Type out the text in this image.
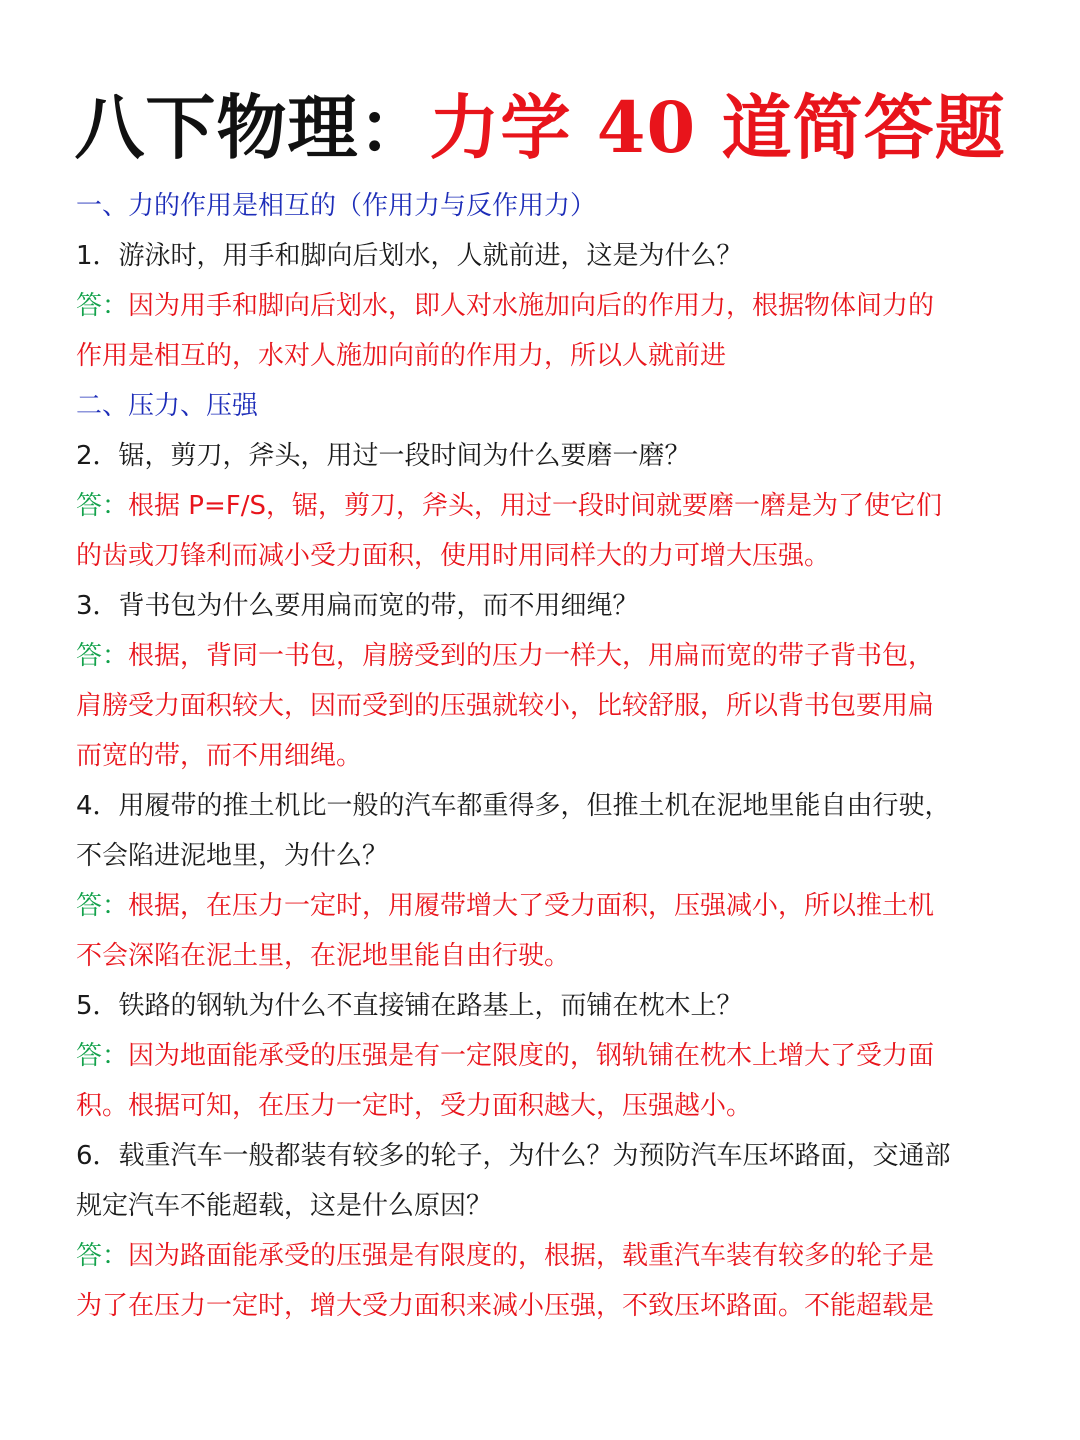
八下物理：力学 40 道简答题
一、力的作用是相互的（作用力与反作用力）
1．游泳时，用手和脚向后划水，人就前进，这是为什么？
答：因为用手和脚向后划水，即人对水施加向后的作用力，根据物体间力的
作用是相互的，水对人施加向前的作用力，所以人就前进
二、压力、压强
2．锯，剪刀，斧头，用过一段时间为什么要磨一磨？
答：根据 P=F/S，锯，剪刀，斧头，用过一段时间就要磨一磨是为了使它们
的齿或刀锋利而减小受力面积，使用时用同样大的力可增大压强。
3．背书包为什么要用扁而宽的带，而不用细绳？
答：根据，背同一书包，肩膀受到的压力一样大，用扁而宽的带子背书包，
肩膀受力面积较大，因而受到的压强就较小，比较舒服，所以背书包要用扁
而宽的带，而不用细绳。
4．用履带的推土机比一般的汽车都重得多，但推土机在泥地里能自由行驶，
不会陷进泥地里，为什么？
答：根据，在压力一定时，用履带增大了受力面积，压强减小，所以推土机
不会深陷在泥土里，在泥地里能自由行驶。
5．铁路的钢轨为什么不直接铺在路基上，而铺在枕木上？
答：因为地面能承受的压强是有一定限度的，钢轨铺在枕木上增大了受力面
积。根据可知，在压力一定时，受力面积越大，压强越小。
6．载重汽车一般都装有较多的轮子，为什么？为预防汽车压坏路面，交通部
规定汽车不能超载，这是什么原因？
答：因为路面能承受的压强是有限度的，根据，载重汽车装有较多的轮子是
为了在压力一定时，增大受力面积来减小压强，不致压坏路面。不能超载是
